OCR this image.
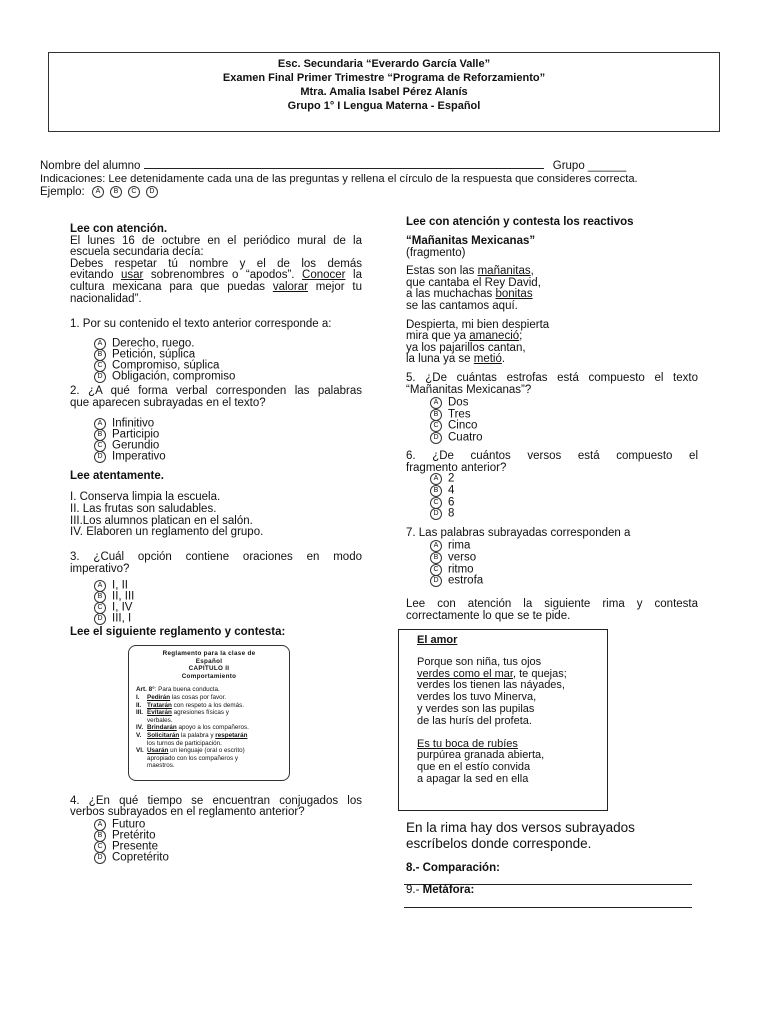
Esc. Secundaria “Everardo García Valle”
Examen Final Primer Trimestre “Programa de Reforzamiento”
Mtra. Amalia Isabel Pérez Alanís
Grupo 1° I Lengua Materna - Español
Nombre del alumno	Grupo ______
Indicaciones: Lee detenidamente cada una de las preguntas y rellena el círculo de la respuesta que consideres correcta.
Ejemplo: A B C D
Lee con atención.
El lunes 16 de octubre en el periódico mural de la
escuela secundaria decía:
Debes respetar tú nombre y el de los demás
evitando usar sobrenombres o “apodos”. Conocer la
cultura mexicana para que puedas valorar mejor tu
nacionalidad”.
1. Por su contenido el texto anterior corresponde a:
A Derecho, ruego.
B Petición, súplica
C Compromiso, súplica
D Obligación, compromiso
2. ¿A qué forma verbal corresponden las palabras
que aparecen subrayadas en el texto?
A Infinitivo
B Participio
C Gerundio
D Imperativo
Lee atentamente.
I. Conserva limpia la escuela.
II. Las frutas son saludables.
III.Los alumnos platican en el salón.
IV. Elaboren un reglamento del grupo.
3. ¿Cuál opción contiene oraciones en modo
imperativo?
A I, II
B II, III
C I, IV
D III, I
Lee el siguiente reglamento y contesta:
Reglamento para la clase de
Español
CAPITULO II
Comportamiento
Art. 8°: Para buena conducta.
I. Pedirán las cosas por favor.
II. Tratarán con respeto a los demás.
III. Evitarán agresiones físicas y
verbales.
IV. Brindarán apoyo a los compañeros.
V. Solicitarán la palabra y respetarán
los turnos de participación.
VI. Usarán un lenguaje (oral o escrito)
apropiado con los compañeros y
maestros.
4. ¿En qué tiempo se encuentran conjugados los
verbos subrayados en el reglamento anterior?
A Futuro
B Pretérito
C Presente
D Copretérito
Lee con atención y contesta los reactivos
“Mañanitas Mexicanas”
(fragmento)
Estas son las mañanitas,
que cantaba el Rey David,
a las muchachas bonitas
se las cantamos aquí.
Despierta, mi bien despierta
mira que ya amaneció;
ya los pajarillos cantan,
la luna ya se metió.
5. ¿De cuántas estrofas está compuesto el texto
“Mañanitas Mexicanas”?
A Dos
B Tres
C Cinco
D Cuatro
6. ¿De cuántos versos está compuesto el
fragmento anterior?
A 2
B 4
C 6
D 8
7. Las palabras subrayadas corresponden a
A rima
B verso
C ritmo
D estrofa
Lee con atención la siguiente rima y contesta
correctamente lo que se te pide.
El amor
Porque son niña, tus ojos
verdes como el mar, te quejas;
verdes los tienen las náyades,
verdes los tuvo Minerva,
y verdes son las pupilas
de las hurís del profeta.
Es tu boca de rubíes
purpúrea granada abierta,
que en el estío convida
a apagar la sed en ella
En la rima hay dos versos subrayados
escríbelos donde corresponde.
8.- Comparación:
9.- Metáfora:
